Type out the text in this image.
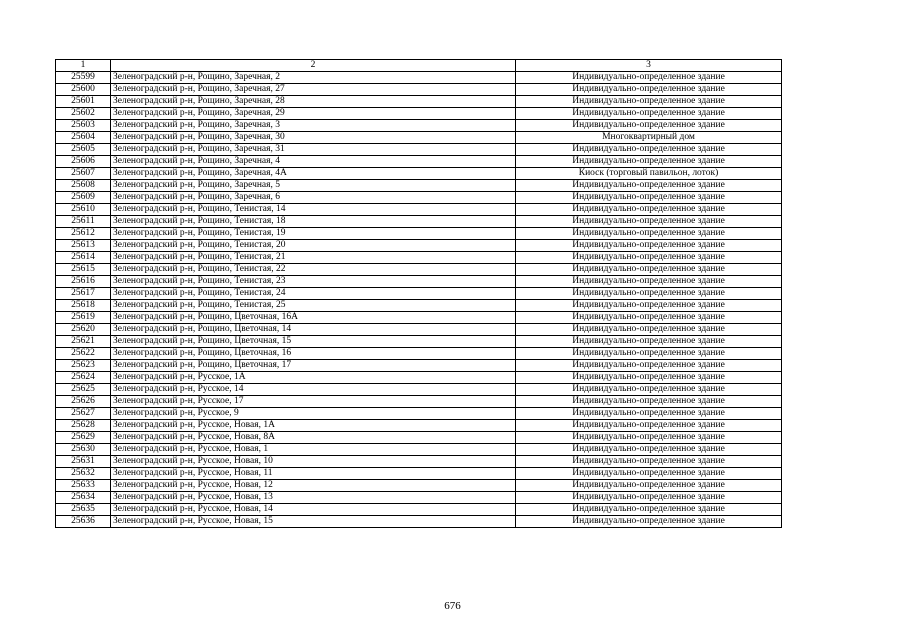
1	2	3
25599	Зеленоградский р-н, Рощино, Заречная, 2	Индивидуально-определенное здание
25600	Зеленоградский р-н, Рощино, Заречная, 27	Индивидуально-определенное здание
25601	Зеленоградский р-н, Рощино, Заречная, 28	Индивидуально-определенное здание
25602	Зеленоградский р-н, Рощино, Заречная, 29	Индивидуально-определенное здание
25603	Зеленоградский р-н, Рощино, Заречная, 3	Индивидуально-определенное здание
25604	Зеленоградский р-н, Рощино, Заречная, 30	Многоквартирный дом
25605	Зеленоградский р-н, Рощино, Заречная, 31	Индивидуально-определенное здание
25606	Зеленоградский р-н, Рощино, Заречная, 4	Индивидуально-определенное здание
25607	Зеленоградский р-н, Рощино, Заречная, 4А	Киоск (торговый павильон, лоток)
25608	Зеленоградский р-н, Рощино, Заречная, 5	Индивидуально-определенное здание
25609	Зеленоградский р-н, Рощино, Заречная, 6	Индивидуально-определенное здание
25610	Зеленоградский р-н, Рощино, Тенистая, 14	Индивидуально-определенное здание
25611	Зеленоградский р-н, Рощино, Тенистая, 18	Индивидуально-определенное здание
25612	Зеленоградский р-н, Рощино, Тенистая, 19	Индивидуально-определенное здание
25613	Зеленоградский р-н, Рощино, Тенистая, 20	Индивидуально-определенное здание
25614	Зеленоградский р-н, Рощино, Тенистая, 21	Индивидуально-определенное здание
25615	Зеленоградский р-н, Рощино, Тенистая, 22	Индивидуально-определенное здание
25616	Зеленоградский р-н, Рощино, Тенистая, 23	Индивидуально-определенное здание
25617	Зеленоградский р-н, Рощино, Тенистая, 24	Индивидуально-определенное здание
25618	Зеленоградский р-н, Рощино, Тенистая, 25	Индивидуально-определенное здание
25619	Зеленоградский р-н, Рощино, Цветочная, 16А	Индивидуально-определенное здание
25620	Зеленоградский р-н, Рощино, Цветочная, 14	Индивидуально-определенное здание
25621	Зеленоградский р-н, Рощино, Цветочная, 15	Индивидуально-определенное здание
25622	Зеленоградский р-н, Рощино, Цветочная, 16	Индивидуально-определенное здание
25623	Зеленоградский р-н, Рощино, Цветочная, 17	Индивидуально-определенное здание
25624	Зеленоградский р-н, Русское, 1А	Индивидуально-определенное здание
25625	Зеленоградский р-н, Русское, 14	Индивидуально-определенное здание
25626	Зеленоградский р-н, Русское, 17	Индивидуально-определенное здание
25627	Зеленоградский р-н, Русское, 9	Индивидуально-определенное здание
25628	Зеленоградский р-н, Русское, Новая, 1А	Индивидуально-определенное здание
25629	Зеленоградский р-н, Русское, Новая, 8А	Индивидуально-определенное здание
25630	Зеленоградский р-н, Русское, Новая, 1	Индивидуально-определенное здание
25631	Зеленоградский р-н, Русское, Новая, 10	Индивидуально-определенное здание
25632	Зеленоградский р-н, Русское, Новая, 11	Индивидуально-определенное здание
25633	Зеленоградский р-н, Русское, Новая, 12	Индивидуально-определенное здание
25634	Зеленоградский р-н, Русское, Новая, 13	Индивидуально-определенное здание
25635	Зеленоградский р-н, Русское, Новая, 14	Индивидуально-определенное здание
25636	Зеленоградский р-н, Русское, Новая, 15	Индивидуально-определенное здание
676
